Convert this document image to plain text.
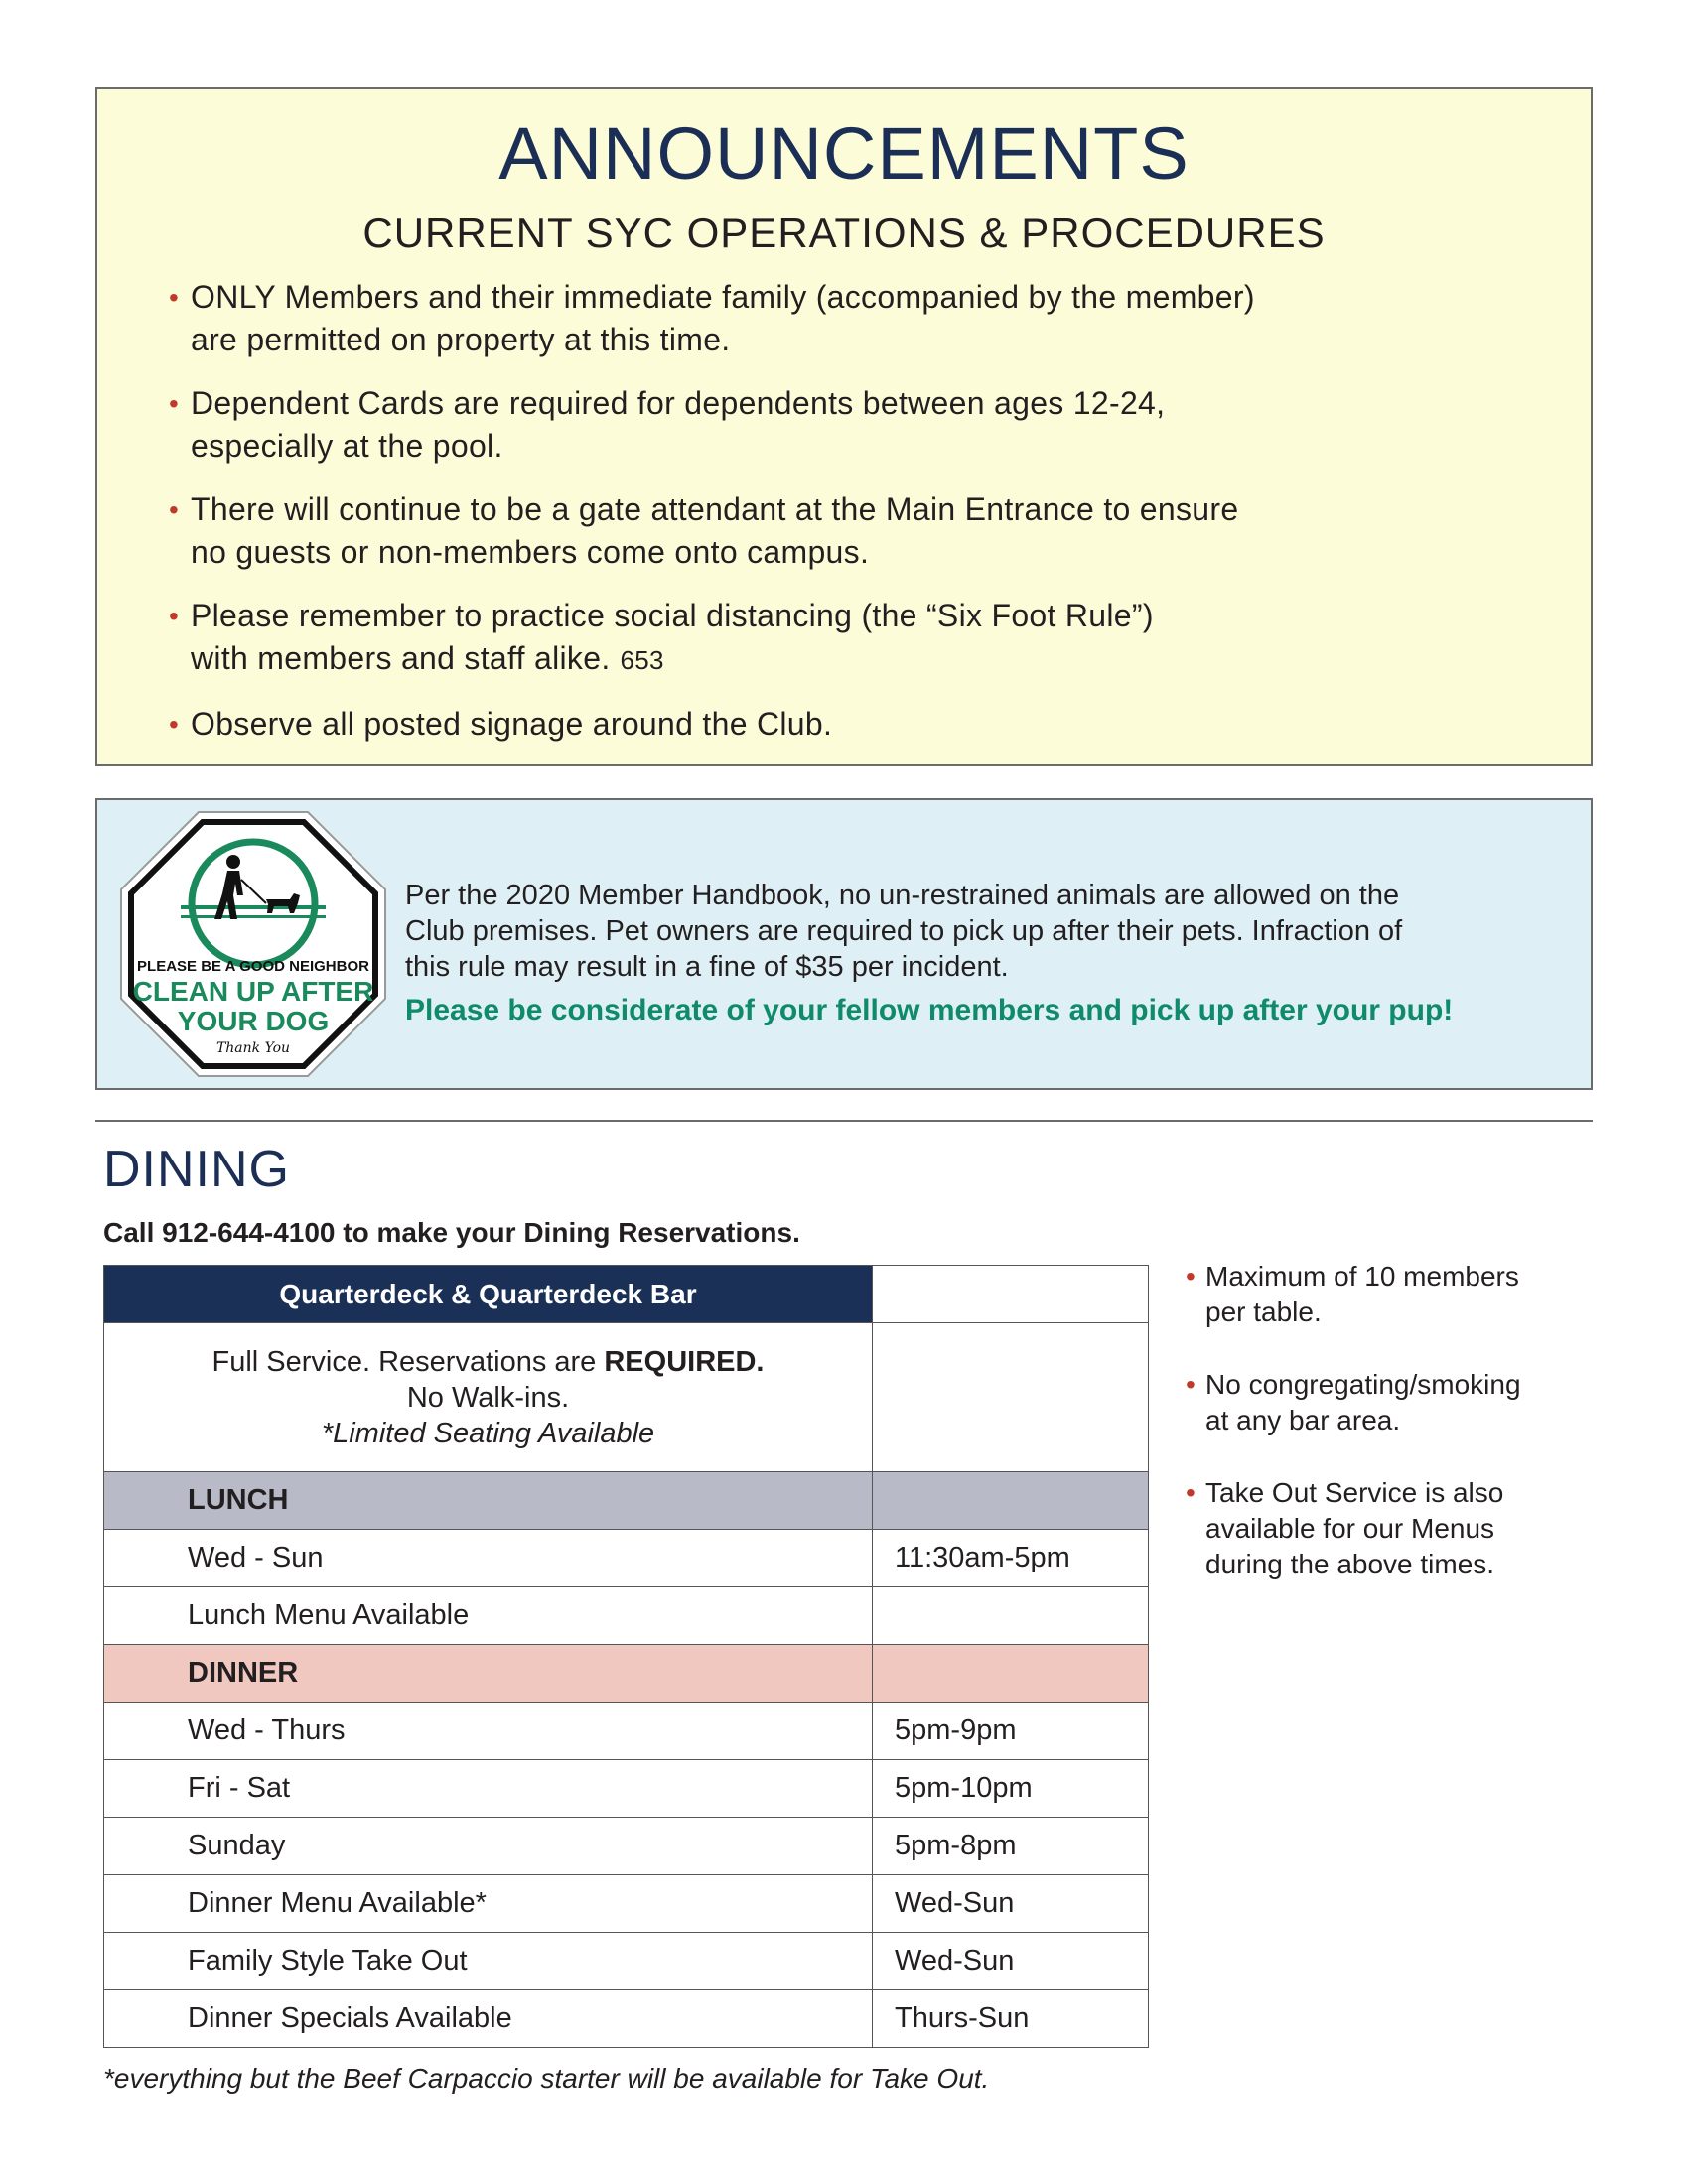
ANNOUNCEMENTS
CURRENT SYC OPERATIONS & PROCEDURES
• ONLY Members and their immediate family (accompanied by the member)
are permitted on property at this time.
• Dependent Cards are required for dependents between ages 12-24,
especially at the pool.
• There will continue to be a gate attendant at the Main Entrance to ensure
no guests or non-members come onto campus.
• Please remember to practice social distancing (the “Six Foot Rule”)
with members and staff alike. 653
• Observe all posted signage around the Club.
PLEASE BE A GOOD NEIGHBOR
CLEAN UP AFTER
YOUR DOG
Thank You

Per the 2020 Member Handbook, no un-restrained animals are allowed on the

Club premises. Pet owners are required to pick up after their pets. Infraction of

this rule may result in a fine of $35 per incident.

Please be considerate of your fellow members and pick up after your pup!

DINING
Call 912-644-4100 to make your Dining Reservations.
Quarterdeck & Quarterdeck Bar	

Full Service. Reservations are REQUIRED.
No Walk-ins.
*Limited Seating Available	

LUNCH	
Wed - Sun	11:30am-5pm
Lunch Menu Available	
DINNER	
Wed - Thurs	5pm-9pm
Fri - Sat	5pm-10pm
Sunday	5pm-8pm
Dinner Menu Available*	Wed-Sun
Family Style Take Out	Wed-Sun
Dinner Specials Available	Thurs-Sun
*everything but the Beef Carpaccio starter will be available for Take Out.
• Maximum of 10 members
per table.
• No congregating/smoking
at any bar area.
• Take Out Service is also
available for our Menus
during the above times.
